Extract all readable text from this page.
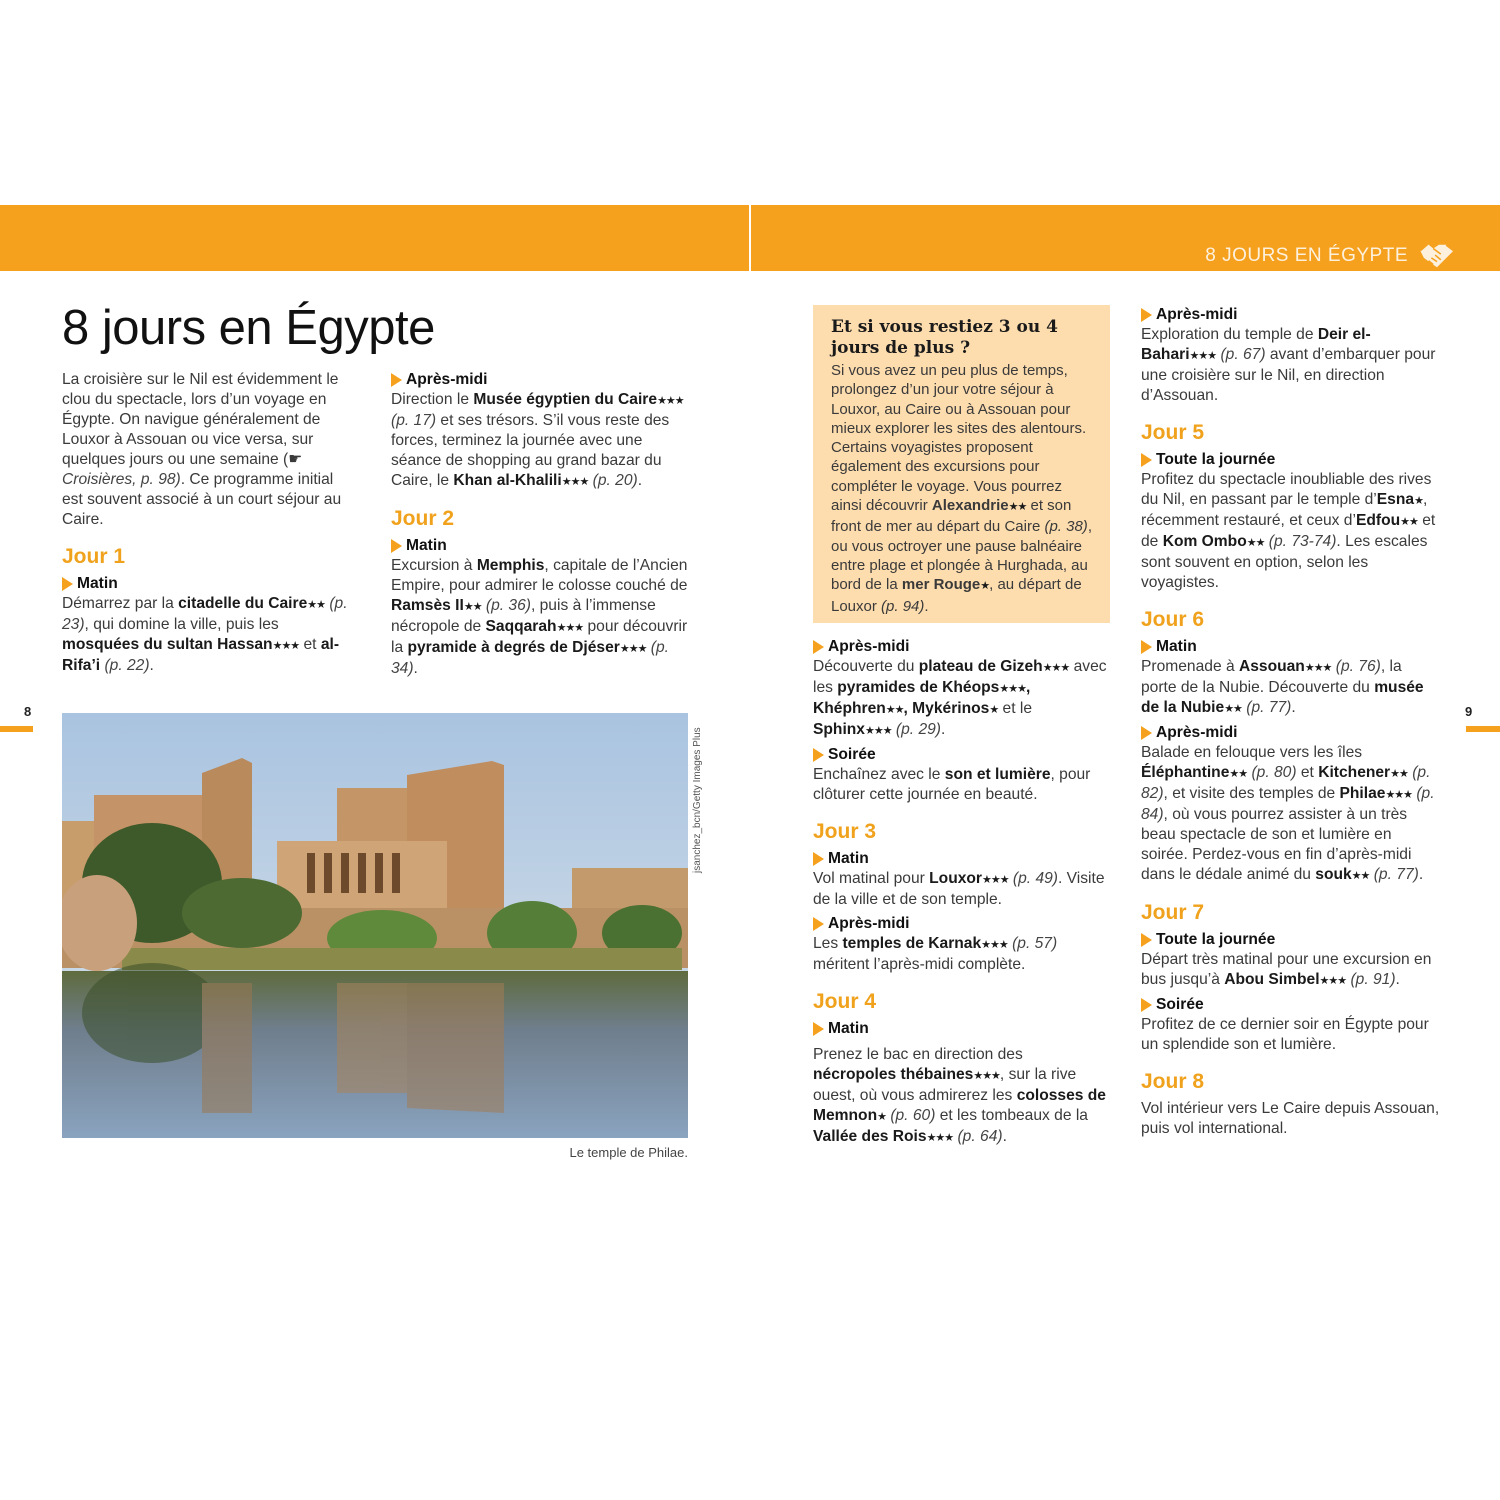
8 JOURS EN ÉGYPTE
8	9
8 jours en Égypte

La croisière sur le Nil est évidemment le clou du spectacle, lors d’un voyage en Égypte. On navigue généralement de Louxor à Assouan ou vice versa, sur quelques jours ou une semaine (☛ Croisières, p. 98). Ce programme initial est souvent associé à un court séjour au Caire.

Jour 1
Matin

Démarrez par la citadelle du Caire★★ (p. 23), qui domine la ville, puis les mosquées du sultan Hassan★★★ et al-Rifa’i (p. 22).

Après-midi

Direction le Musée égyptien du Caire★★★ (p. 17) et ses trésors. S’il vous reste des forces, terminez la journée avec une séance de shopping au grand bazar du Caire, le Khan al-Khalili★★★ (p. 20).

Jour 2
Matin

Excursion à Memphis, capitale de l’Ancien Empire, pour admirer le colosse couché de Ramsès II★★ (p. 36), puis à l’immense nécropole de Saqqarah★★★ pour découvrir la pyramide à degrés de Djéser★★★ (p. 34).

jsanchez_bcn/Getty Images Plus
Le temple de Philae.
Et si vous restiez 3 ou 4 jours de plus ?

Si vous avez un peu plus de temps, prolongez d’un jour votre séjour à Louxor, au Caire ou à Assouan pour mieux explorer les sites des alentours. Certains voyagistes proposent également des excursions pour compléter le voyage. Vous pourrez ainsi découvrir Alexandrie★★ et son front de mer au départ du Caire (p. 38), ou vous octroyer une pause balnéaire entre plage et plongée à Hurghada, au bord de la mer Rouge★, au départ de Louxor (p. 94).

Après-midi

Découverte du plateau de Gizeh★★★ avec les pyramides de Khéops★★★, Khéphren★★, Mykérinos★ et le Sphinx★★★ (p. 29).

Soirée

Enchaînez avec le son et lumière, pour clôturer cette journée en beauté.

Jour 3
Matin

Vol matinal pour Louxor★★★ (p. 49). Visite de la ville et de son temple.

Après-midi

Les temples de Karnak★★★ (p. 57) méritent l’après-midi complète.

Jour 4
Matin

Prenez le bac en direction des nécropoles thébaines★★★, sur la rive ouest, où vous admirerez les colosses de Memnon★ (p. 60) et les tombeaux de la Vallée des Rois★★★ (p. 64).

Après-midi

Exploration du temple de Deir el-Bahari★★★ (p. 67) avant d’embarquer pour une croisière sur le Nil, en direction d’Assouan.

Jour 5
Toute la journée

Profitez du spectacle inoubliable des rives du Nil, en passant par le temple d’Esna★, récemment restauré, et ceux d’Edfou★★ et de Kom Ombo★★ (p. 73-74). Les escales sont souvent en option, selon les voyagistes.

Jour 6
Matin

Promenade à Assouan★★★ (p. 76), la porte de la Nubie. Découverte du musée de la Nubie★★ (p. 77).

Après-midi

Balade en felouque vers les îles Éléphantine★★ (p. 80) et Kitchener★★ (p. 82), et visite des temples de Philae★★★ (p. 84), où vous pourrez assister à un très beau spectacle de son et lumière en soirée. Perdez-vous en fin d’après-midi dans le dédale animé du souk★★ (p. 77).

Jour 7
Toute la journée

Départ très matinal pour une excursion en bus jusqu’à Abou Simbel★★★ (p. 91).

Soirée

Profitez de ce dernier soir en Égypte pour un splendide son et lumière.

Jour 8

Vol intérieur vers Le Caire depuis Assouan, puis vol international.
